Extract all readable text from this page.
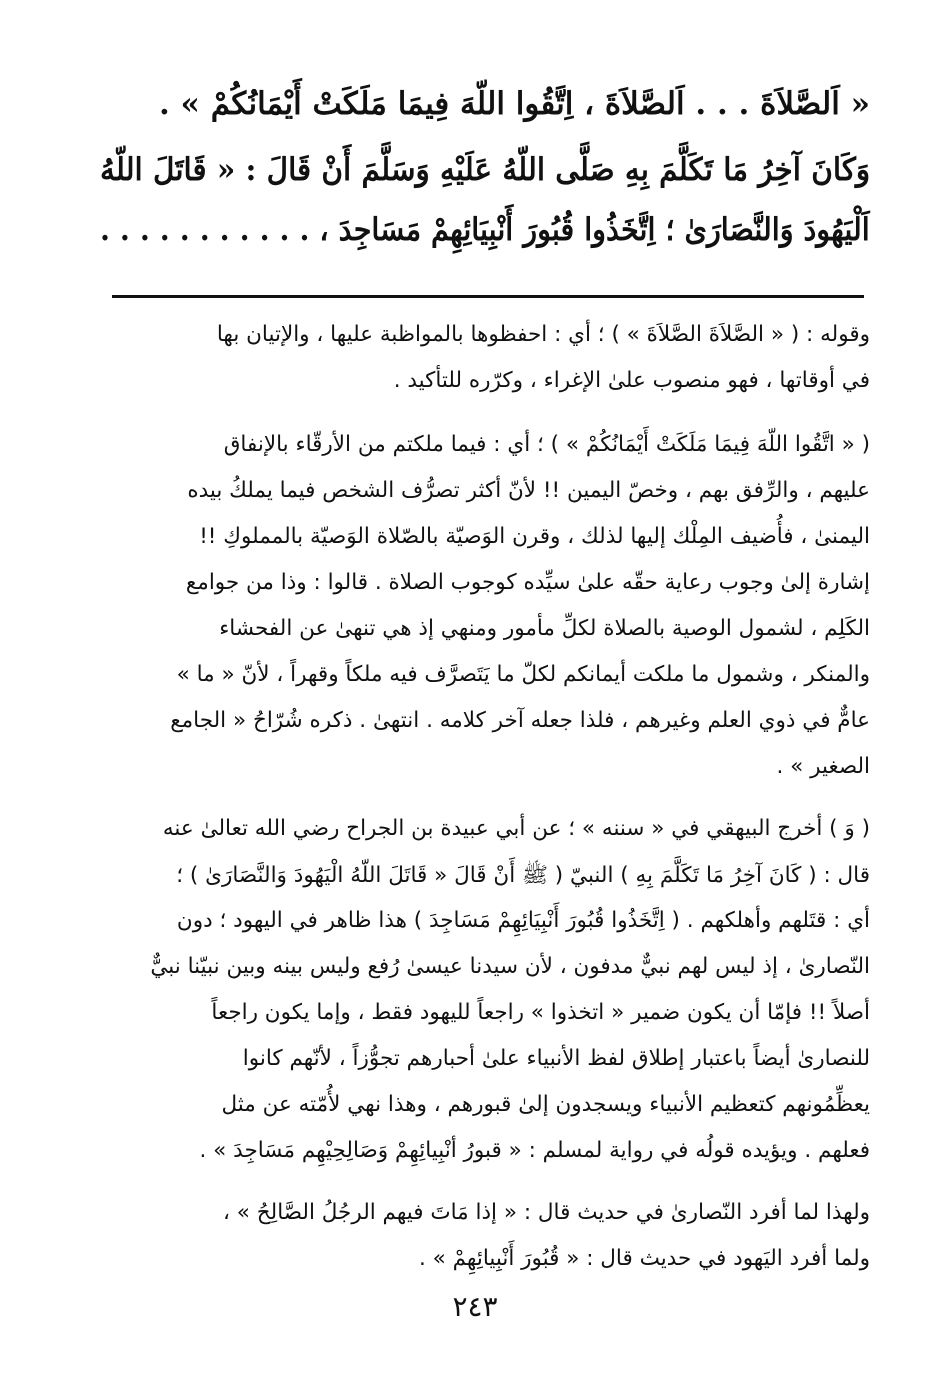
« اَلصَّلاَةَ . . . اَلصَّلاَةَ ، اِتَّقُوا اللّهَ فِيمَا مَلَكَتْ أَيْمَانُكُمْ » .
وَكَانَ آخِرُ مَا تَكَلَّمَ بِهِ صَلَّى اللّهُ عَلَيْهِ وَسَلَّمَ أَنْ قَالَ : « قَاتَلَ اللّهُ
اَلْيَهُودَ وَالنَّصَارَىٰ ؛ اِتَّخَذُوا قُبُورَ أَنْبِيَائِهِمْ مَسَاجِدَ ، . . . . . . . . . . .
وقوله : ( « الصَّلاَةَ الصَّلاَةَ » ) ؛ أي : احفظوها بالمواظبة عليها ، والإتيان بها
في أوقاتها ، فهو منصوب علىٰ الإغراء ، وكرّره للتأكيد .
( « اتَّقُوا اللّهَ فِيمَا مَلَكَتْ أَيْمَانُكُمْ » ) ؛ أي : فيما ملكتم من الأرقّاء بالإنفاق
عليهم ، والرِّفق بهم ، وخصّ اليمين !! لأنّ أكثر تصرُّف الشخص فيما يملكُ بيده
اليمنىٰ ، فأُضيف المِلْك إليها لذلك ، وقرن الوَصيّة بالصّلاة الوَصيّة بالمملوكِ !!
إشارة إلىٰ وجوب رعاية حقّه علىٰ سيِّده كوجوب الصلاة . قالوا : وذا من جوامع
الكَلِم ، لشمول الوصية بالصلاة لكلِّ مأمور ومنهي إذ هي تنهىٰ عن الفحشاء
والمنكر ، وشمول ما ملكت أيمانكم لكلّ ما يَتَصرَّف فيه ملكاً وقهراً ، لأنّ « ما »
عامٌّ في ذوي العلم وغيرهم ، فلذا جعله آخر كلامه . انتهىٰ . ذكره شُرّاحُ « الجامع
الصغير » .
( وَ ) أخرج البيهقي في « سننه » ؛ عن أبي عبيدة بن الجراح رضي الله تعالىٰ عنه
قال : ( كَانَ آخِرُ مَا تَكَلَّمَ بِهِ ) النبيّ ( ﷺ أَنْ قَالَ « قَاتَلَ اللّهُ الْيَهُودَ وَالنَّصَارَىٰ ) ؛
أي : قتَلهم وأهلكهم . ( اِتَّخَذُوا قُبُورَ أَنْبِيَائِهِمْ مَسَاجِدَ ) هذا ظاهر في اليهود ؛ دون
النّصارىٰ ، إذ ليس لهم نبيٌّ مدفون ، لأن سيدنا عيسىٰ رُفع وليس بينه وبين نبيّنا نبيٌّ
أصلاً !! فإمّا أن يكون ضمير « اتخذوا » راجعاً لليهود فقط ، وإما يكون راجعاً
للنصارىٰ أيضاً باعتبار إطلاق لفظ الأنبياء علىٰ أحبارهم تجوُّزاً ، لأنّهم كانوا
يعظِّمُونهم كتعظيم الأنبياء ويسجدون إلىٰ قبورهم ، وهذا نهي لأُمّته عن مثل
فعلهم . ويؤيده قولُه في رواية لمسلم : « قبورُ أنْبِيائِهِمْ وَصَالِحِيْهِم مَسَاجِدَ » .
ولهذا لما أفرد النّصارىٰ في حديث قال : « إذا مَاتَ فيهم الرجُلُ الصَّالِحُ » ،
ولما أفرد اليَهود في حديث قال : « قُبُورَ أَنْبِيائِهِمْ » .
٢٤٣
